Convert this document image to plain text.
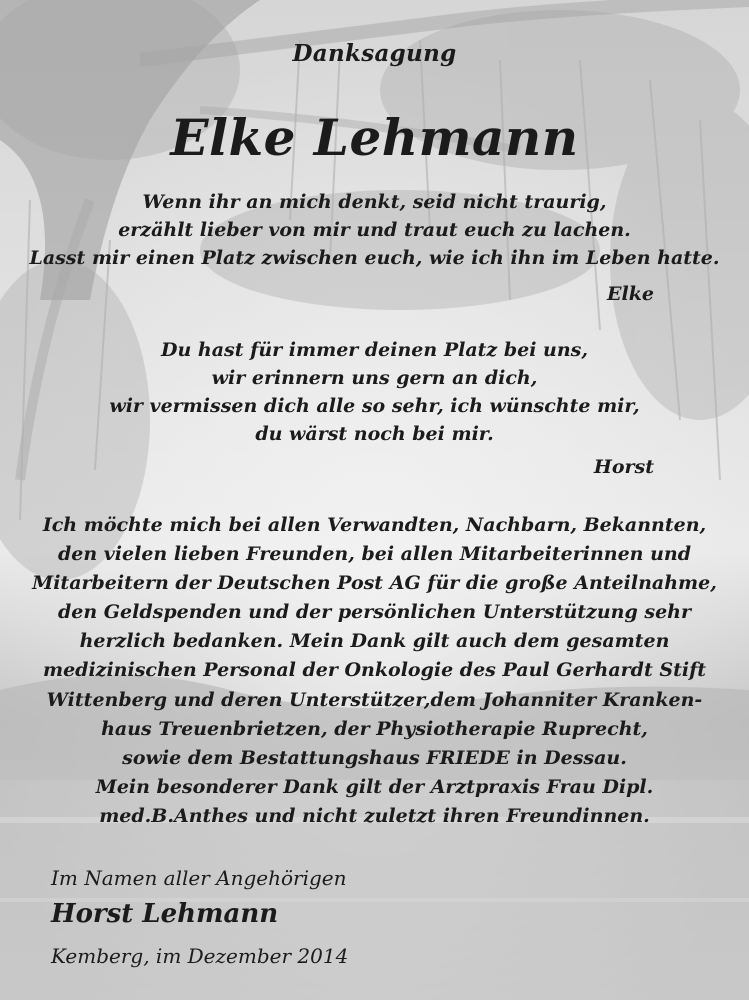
Danksagung
Elke Lehmann
Wenn ihr an mich denkt, seid nicht traurig,
erzählt lieber von mir und traut euch zu lachen.
Lasst mir einen Platz zwischen euch, wie ich ihn im Leben hatte.
Elke
Du hast für immer deinen Platz bei uns,
wir erinnern uns gern an dich,
wir vermissen dich alle so sehr, ich wünschte mir,
du wärst noch bei mir.
Horst
Ich möchte mich bei allen Verwandten, Nachbarn, Bekannten,
den vielen lieben Freunden, bei allen Mitarbeiterinnen und
Mitarbeitern der Deutschen Post AG für die große Anteilnahme,
den Geldspenden und der persönlichen Unterstützung sehr
herzlich bedanken. Mein Dank gilt auch dem gesamten
medizinischen Personal der Onkologie des Paul Gerhardt Stift
Wittenberg und deren Unterstützer,dem Johanniter Kranken-
haus Treuenbrietzen, der Physiotherapie Ruprecht,
sowie dem Bestattungshaus FRIEDE in Dessau.
Mein besonderer Dank gilt der Arztpraxis Frau Dipl.
med.B.Anthes und nicht zuletzt ihren Freundinnen.
Im Namen aller Angehörigen
Horst Lehmann
Kemberg, im Dezember 2014
